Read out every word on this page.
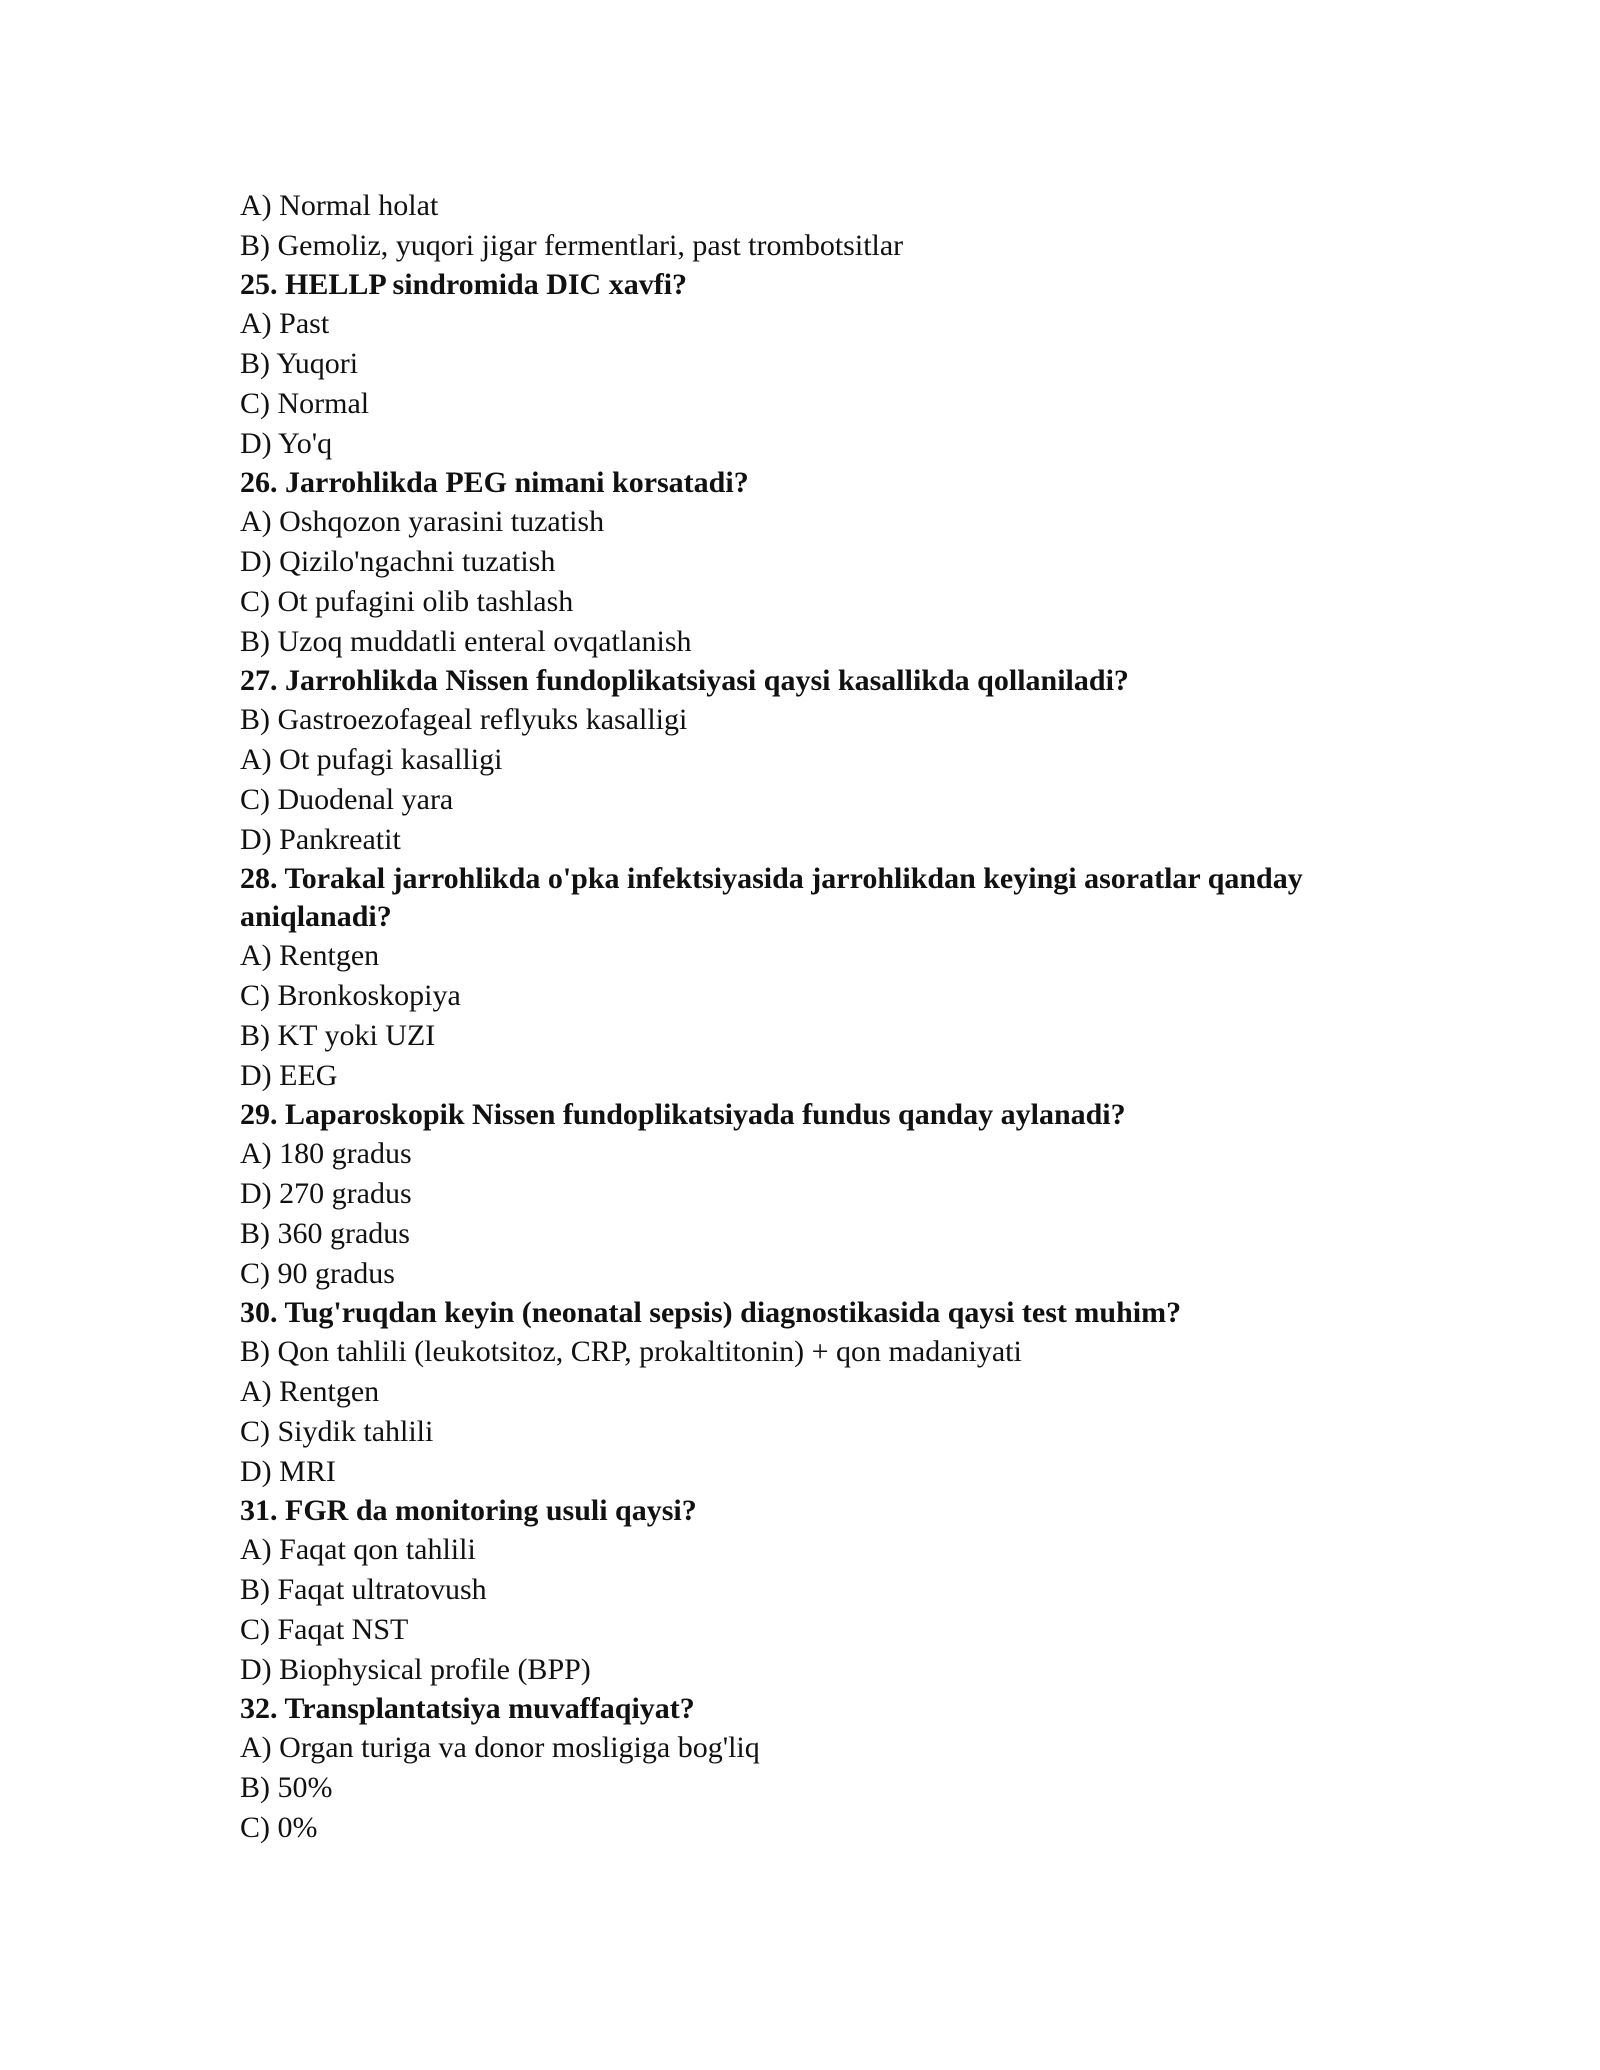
A) Normal holat
B) Gemoliz, yuqori jigar fermentlari, past trombotsitlar
25. HELLP sindromida DIC xavfi?
A) Past
B) Yuqori
C) Normal
D) Yo'q
26. Jarrohlikda PEG nimani korsatadi?
A) Oshqozon yarasini tuzatish
D) Qizilo'ngachni tuzatish
C) Ot pufagini olib tashlash
B) Uzoq muddatli enteral ovqatlanish
27. Jarrohlikda Nissen fundoplikatsiyasi qaysi kasallikda qollaniladi?
B) Gastroezofageal reflyuks kasalligi
A) Ot pufagi kasalligi
C) Duodenal yara
D) Pankreatit
28. Torakal jarrohlikda o'pka infektsiyasida jarrohlikdan keyingi asoratlar qanday aniqlanadi?
A) Rentgen
C) Bronkoskopiya
B) KT yoki UZI
D) EEG
29. Laparoskopik Nissen fundoplikatsiyada fundus qanday aylanadi?
A) 180 gradus
D) 270 gradus
B) 360 gradus
C) 90 gradus
30. Tug'ruqdan keyin (neonatal sepsis) diagnostikasida qaysi test muhim?
B) Qon tahlili (leukotsitoz, CRP, prokaltitonin) + qon madaniyati
A) Rentgen
C) Siydik tahlili
D) MRI
31. FGR da monitoring usuli qaysi?
A) Faqat qon tahlili
B) Faqat ultratovush
C) Faqat NST
D) Biophysical profile (BPP)
32. Transplantatsiya muvaffaqiyat?
A) Organ turiga va donor mosligiga bog'liq
B) 50%
C) 0%
